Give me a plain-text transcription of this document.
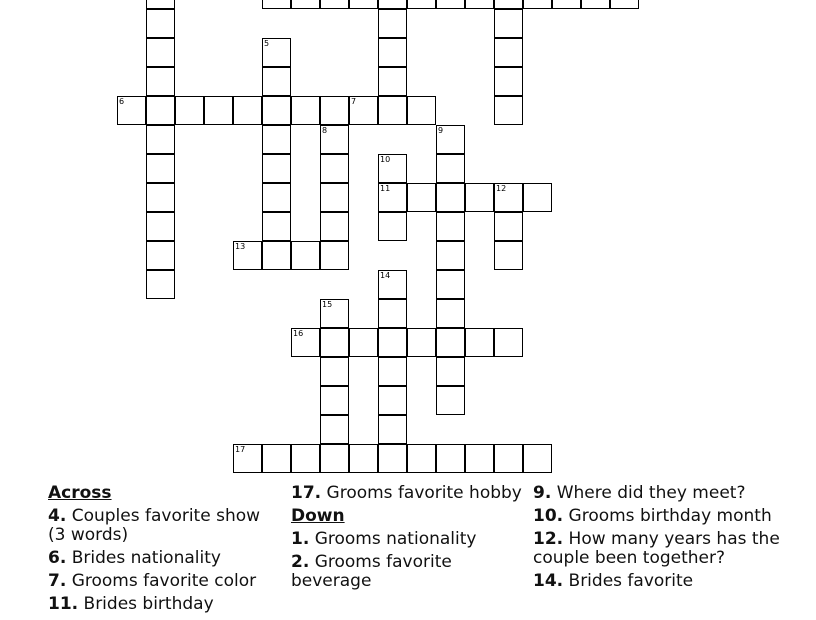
5
6	7
8	9
10
11	12
13
14
15
16
17
Across
4. Couples favorite show (3 words)
6. Brides nationality
7. Grooms favorite color
11. Brides birthday
17. Grooms favorite hobby
Down
1. Grooms nationality
2. Grooms favorite beverage
9. Where did they meet?
10. Grooms birthday month
12. How many years has the couple been together?
14. Brides favorite
